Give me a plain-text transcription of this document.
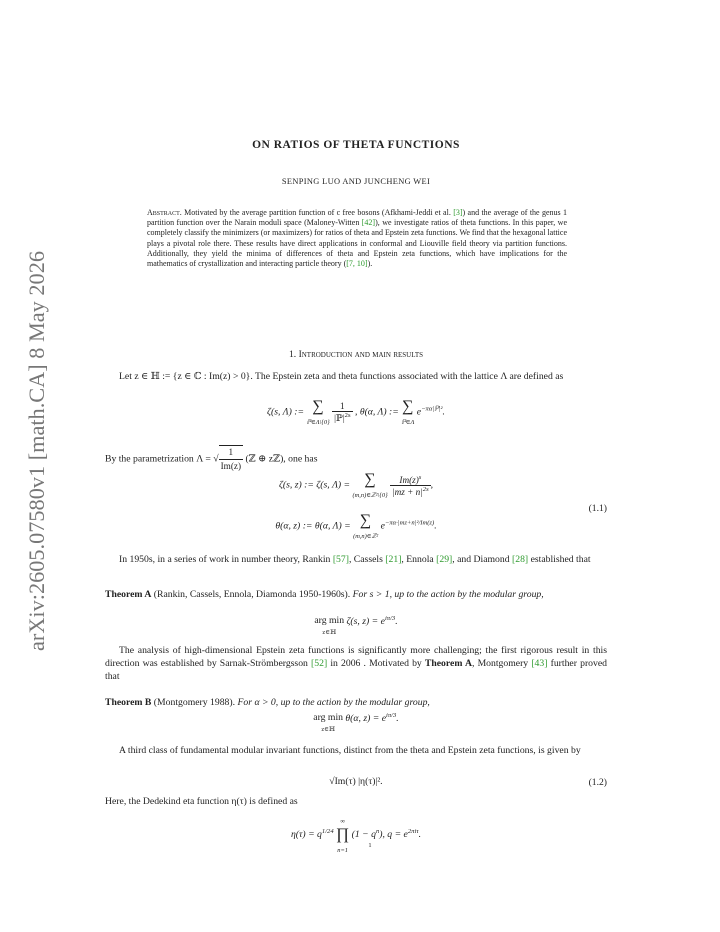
arXiv:2605.07580v1 [math.CA] 8 May 2026
ON RATIOS OF THETA FUNCTIONS
SENPING LUO AND JUNCHENG WEI
Abstract. Motivated by the average partition function of c free bosons (Afkhami-Jeddi et al. [3]) and the average of the genus 1 partition function over the Narain moduli space (Maloney-Witten [42]), we investigate ratios of theta functions. In this paper, we completely classify the minimizers (or maximizers) for ratios of theta and Epstein zeta functions. We find that the hexagonal lattice plays a pivotal role there. These results have direct applications in conformal and Liouville field theory via partition functions. Additionally, they yield the minima of differences of theta and Epstein zeta functions, which have implications for the mathematics of crystallization and interacting particle theory ([7, 10]).
1. Introduction and main results
Let z ∈ ℍ := {z ∈ ℂ : Im(z) > 0}. The Epstein zeta and theta functions associated with the lattice Λ are defined as
ζ(s, Λ) := ∑
ℙ∈Λ\{0} $\frac{1}{|ℙ|^{2s}}$ , θ(α, Λ) := ∑
ℙ∈Λ $e^{-\pi\alpha|ℙ|^2}$.
By the parametrization Λ = √ $\frac{1}{Im(z)}$ (ℤ ⊕ zℤ), one has
ζ(s, z) := ζ(s, Λ) = ∑
(m,n)∈ℤ²\{0} $\frac{Im(z)^s}{|mz + n|^{2s}}$ ,
(1.1)
θ(α, z) := θ(α, Λ) = ∑
(m,n)∈ℤ² $e^{-\pi\alpha\cdot|mz+n|^2/Im(z)}$.
In 1950s, in a series of work in number theory, Rankin [57], Cassels [21], Ennola [29], and Diamond [28] established that
Theorem A (Rankin, Cassels, Ennola, Diamonda 1950-1960s). For s > 1, up to the action by the modular group,
arg min
z∈ℍ ζ(s, $z) = e^{i\pi/3}$.
The analysis of high-dimensional Epstein zeta functions is significantly more challenging; the first rigorous result in this direction was established by Sarnak-Strömbergsson [52] in 2006 . Motivated by Theorem A, Montgomery [43] further proved that
Theorem B (Montgomery 1988). For α > 0, up to the action by the modular group,
arg min
z∈ℍ θ(α, $z) = e^{i\pi/3}$.
A third class of fundamental modular invariant functions, distinct from the theta and Epstein zeta functions, is given by
√Im(τ) |η(τ)|².	(1.2)
Here, the Dedekind eta function η(τ) is defined as
$\eta(\tau) = q^{1/24}$ ∞
∏
n=1 $(1 - q^n)$, $q = e^{2\pi i\tau}$.
1
